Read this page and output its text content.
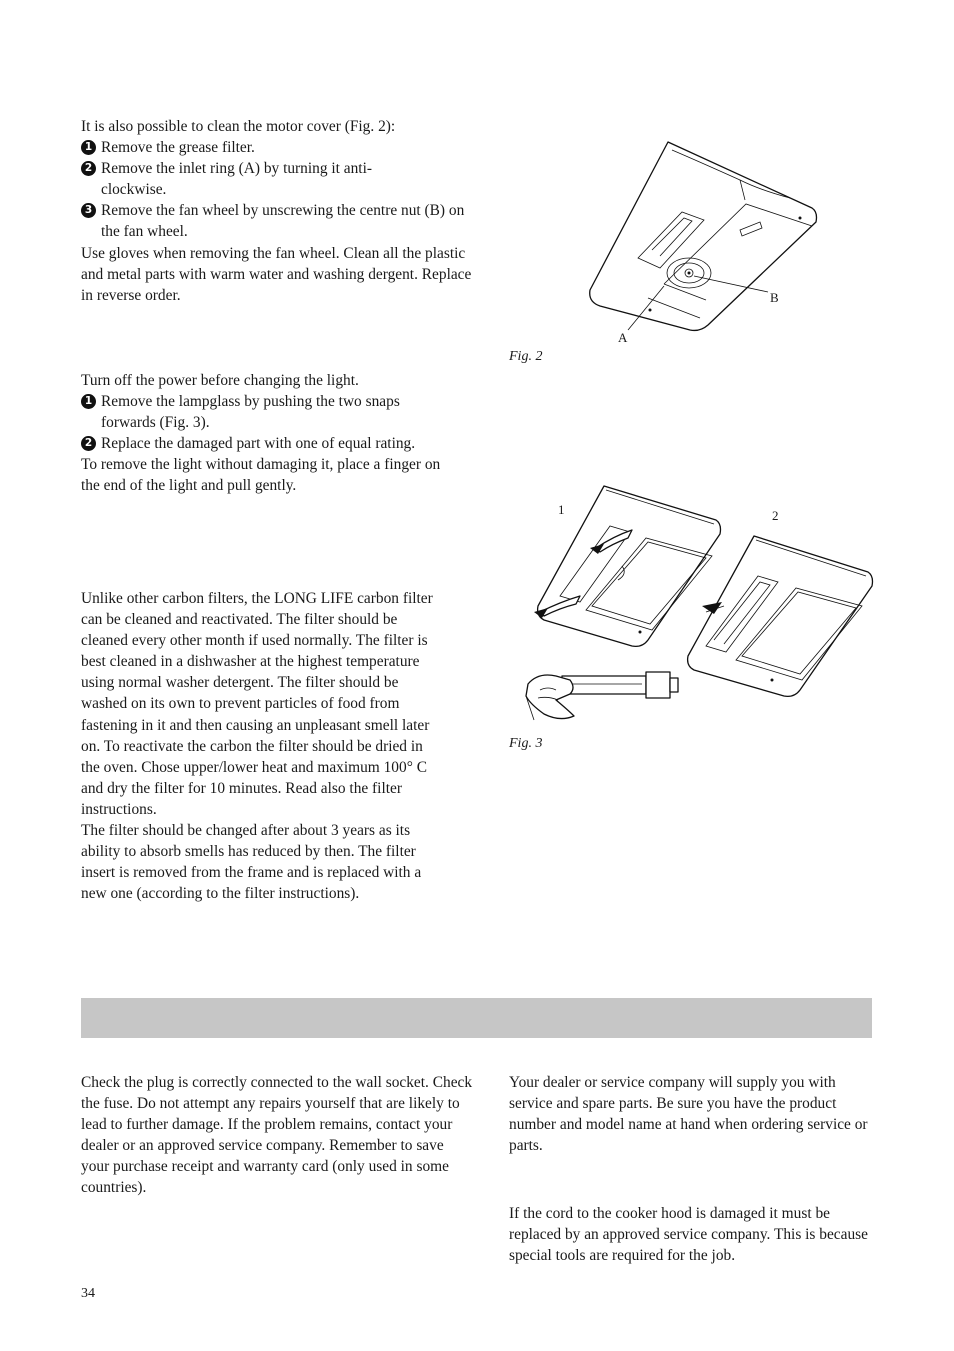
It is also possible to clean the motor cover (Fig. 2):

1 Remove the grease filter.
2 Remove the inlet ring (A) by turning it anti-clockwise.
3 Remove the fan wheel by unscrewing the centre nut (B) on the fan wheel.

Use gloves when removing the fan wheel. Clean all the plastic and metal parts with warm water and washing dergent. Replace in reverse order.

Turn off the power before changing the light.

1 Remove the lampglass by pushing the two snaps forwards (Fig. 3).
2 Replace the damaged part with one of equal rating.

To remove the light without damaging it, place a finger on the end of the light and pull gently.

Unlike other carbon filters, the LONG LIFE carbon filter can be cleaned and reactivated. The filter should be cleaned every other month if used normally. The filter is best cleaned in a dishwasher at the highest temperature using normal washer detergent. The filter should be washed on its own to prevent particles of food from fastening in it and then causing an unpleasant smell later on. To reactivate the carbon the filter should be dried in the oven. Chose upper/lower heat and maximum 100° C and dry the filter for 10 minutes. Read also the filter instructions.

The filter should be changed after about 3 years as its ability to absorb smells has reduced by then. The filter insert is removed from the frame and is replaced with a new one (according to the filter instructions).

B
A
Fig. 2
1	2
Fig. 3

Check the plug is correctly connected to the wall socket. Check the fuse. Do not attempt any repairs yourself that are likely to lead to further damage. If the problem remains, contact your dealer or an approved service company. Remember to save your purchase receipt and warranty card (only used in some countries).

Your dealer or service company will supply you with service and spare parts. Be sure you have the product number and model name at hand when ordering service or parts.

If the cord to the cooker hood is damaged it must be replaced by an approved service company. This is because special tools are required for the job.

34
